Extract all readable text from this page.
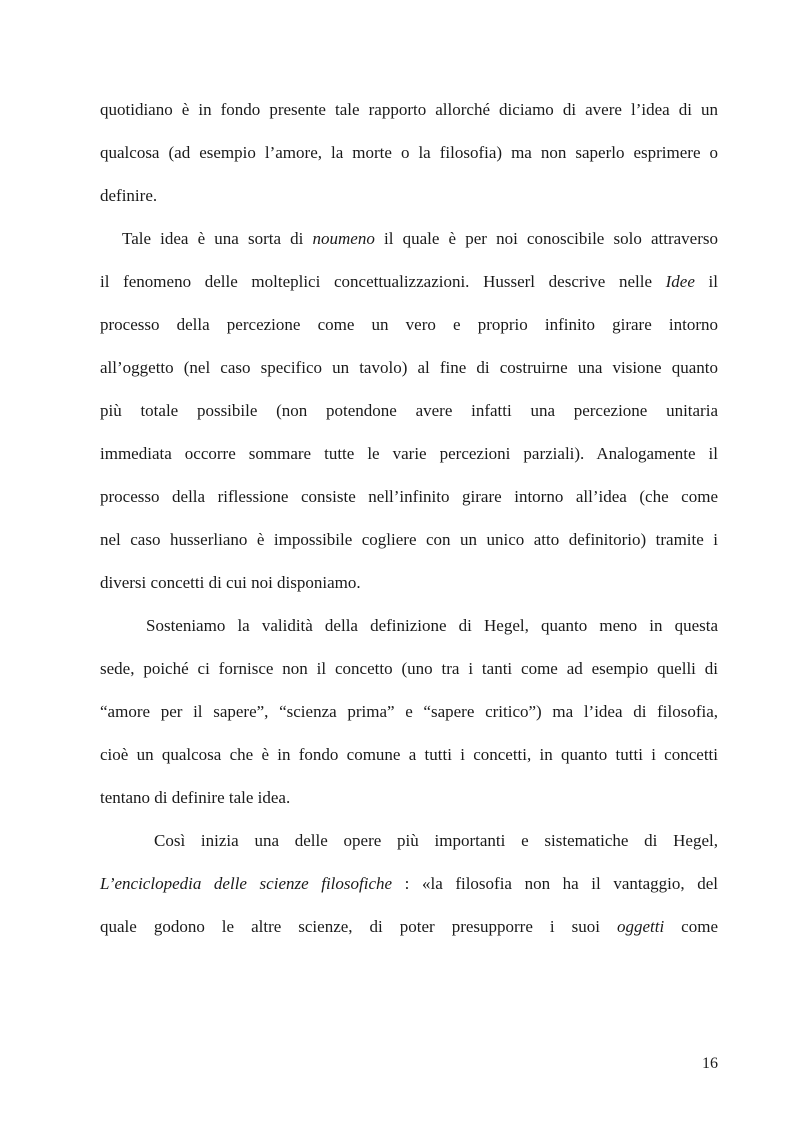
quotidiano è in fondo presente tale rapporto allorché diciamo di avere l’idea di un
qualcosa (ad esempio l’amore, la morte o la filosofia) ma non saperlo esprimere o
definire.
Tale idea è una sorta di noumeno il quale è per noi conoscibile solo attraverso
il fenomeno delle molteplici concettualizzazioni. Husserl descrive nelle Idee il
processo della percezione come un vero e proprio infinito girare intorno
all’oggetto (nel caso specifico un tavolo) al fine di costruirne una visione quanto
più totale possibile (non potendone avere infatti una percezione unitaria
immediata occorre sommare tutte le varie percezioni parziali). Analogamente il
processo della riflessione consiste nell’infinito girare intorno all’idea (che come
nel caso husserliano è impossibile cogliere con un unico atto definitorio) tramite i
diversi concetti di cui noi disponiamo.
Sosteniamo la validità della definizione di Hegel, quanto meno in questa
sede, poiché ci fornisce non il concetto (uno tra i tanti come ad esempio quelli di
“amore per il sapere”, “scienza prima” e “sapere critico”) ma l’idea di filosofia,
cioè un qualcosa che è in fondo comune a tutti i concetti, in quanto tutti i concetti
tentano di definire tale idea.
Così inizia una delle opere più importanti e sistematiche di Hegel,
L’enciclopedia delle scienze filosofiche : «la filosofia non ha il vantaggio, del
quale godono le altre scienze, di poter presupporre i suoi oggetti come
16
